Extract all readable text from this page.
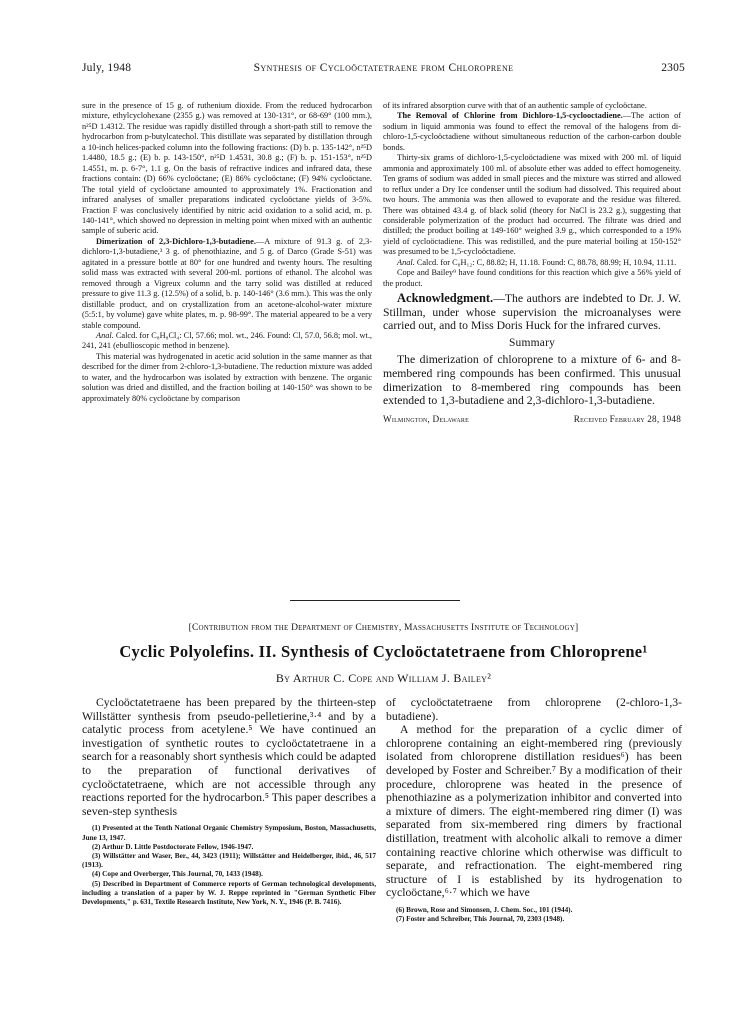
July, 1948	Synthesis of Cycloöctatetraene from Chloroprene	2305

sure in the presence of 15 g. of ruthenium dioxide. From the reduced hydrocarbon mixture, ethylcyclohexane (2355 g.) was removed at 130-131°, or 68-69° (100 mm.), n²⁵D 1.4312. The residue was rapidly distilled through a short-path still to remove the hydrocarbon from p-butylcatechol. This distillate was separated by distillation through a 10-inch helices-packed column into the following fractions: (D) b. p. 135-142°, n²⁵D 1.4480, 18.5 g.; (E) b. p. 143-150°, n²⁵D 1.4531, 30.8 g.; (F) b. p. 151-153°, n²⁵D 1.4551, m. p. 6-7°, 1.1 g. On the basis of refractive indices and infrared data, these fractions contain: (D) 66% cycloöctane; (E) 86% cycloöctane; (F) 94% cycloöctane. The total yield of cycloöctane amounted to approximately 1%. Fractionation and infrared analyses of smaller preparations indicated cycloöctane yields of 3-5%. Fraction F was conclusively identified by nitric acid oxidation to a solid acid, m. p. 140-141°, which showed no depression in melting point when mixed with an authentic sample of suberic acid.

Dimerization of 2,3-Dichloro-1,3-butadiene.—A mixture of 91.3 g. of 2,3-dichloro-1,3-butadiene,³ 3 g. of phenothiazine, and 5 g. of Darco (Grade S-51) was agitated in a pressure bottle at 80° for one hundred and twenty hours. The resulting solid mass was extracted with several 200-ml. portions of ethanol. The alcohol was removed through a Vigreux column and the tarry solid was distilled at reduced pressure to give 11.3 g. (12.5%) of a solid, b. p. 140-146° (3.6 mm.). This was the only distillable product, and on crystallization from an acetone-alcohol-water mixture (5:5:1, by volume) gave white plates, m. p. 98-99°. The material appeared to be a very stable compound.

Anal. Calcd. for C₈H₈Cl₄: Cl, 57.66; mol. wt., 246. Found: Cl, 57.0, 56.8; mol. wt., 241, 241 (ebullioscopic method in benzene).

This material was hydrogenated in acetic acid solution in the same manner as that described for the dimer from 2-chloro-1,3-butadiene. The reduction mixture was added to water, and the hydrocarbon was isolated by extraction with benzene. The organic solution was dried and distilled, and the fraction boiling at 140-150° was shown to be approximately 80% cycloöctane by comparison

of its infrared absorption curve with that of an authentic sample of cycloöctane.

The Removal of Chlorine from Dichloro-1,5-cyclooctadiene.—The action of sodium in liquid ammonia was found to effect the removal of the halogens from di-chloro-1,5-cycloöctadiene without simultaneous reduction of the carbon-carbon double bonds.

Thirty-six grams of dichloro-1,5-cycloöctadiene was mixed with 200 ml. of liquid ammonia and approximately 100 ml. of absolute ether was added to effect homogeneity. Ten grams of sodium was added in small pieces and the mixture was stirred and allowed to reflux under a Dry Ice condenser until the sodium had dissolved. This required about two hours. The ammonia was then allowed to evaporate and the residue was filtered. There was obtained 43.4 g. of black solid (theory for NaCl is 23.2 g.), suggesting that considerable polymerization of the product had occurred. The filtrate was dried and distilled; the product boiling at 149-160° weighed 3.9 g., which corresponded to a 19% yield of cycloöctadiene. This was redistilled, and the pure material boiling at 150-152° was presumed to be 1,5-cycloöctadiene.

Anal. Calcd. for C₈H₁₂: C, 88.82; H, 11.18. Found: C, 88.78, 88.99; H, 10.94, 11.11.

Cope and Bailey⁹ have found conditions for this reaction which give a 56% yield of the product.

Acknowledgment.—The authors are indebted to Dr. J. W. Stillman, under whose supervision the microanalyses were carried out, and to Miss Doris Huck for the infrared curves.

Summary

The dimerization of chloroprene to a mixture of 6- and 8-membered ring compounds has been confirmed. This unusual dimerization to 8-membered ring compounds has been extended to 1,3-butadiene and 2,3-dichloro-1,3-butadiene.

Wilmington, Delaware	Received February 28, 1948
[Contribution from the Department of Chemistry, Massachusetts Institute of Technology]
Cyclic Polyolefins. II. Synthesis of Cycloöctatetraene from Chloroprene¹
By Arthur C. Cope and William J. Bailey²

Cycloöctatetraene has been prepared by the thirteen-step Willstätter synthesis from pseudo-pelletierine,³·⁴ and by a catalytic process from acetylene.⁵ We have continued an investigation of synthetic routes to cycloöctatetraene in a search for a reasonably short synthesis which could be adapted to the preparation of functional derivatives of cycloöctatetraene, which are not accessible through any reactions reported for the hydrocarbon.⁵ This paper describes a seven-step synthesis

(1) Presented at the Tenth National Organic Chemistry Symposium, Boston, Massachusetts, June 13, 1947.

(2) Arthur D. Little Postdoctorate Fellow, 1946-1947.

(3) Willstätter and Waser, Ber., 44, 3423 (1911); Willstätter and Heidelberger, ibid., 46, 517 (1913).

(4) Cope and Overberger, This Journal, 70, 1433 (1948).

(5) Described in Department of Commerce reports of German technological developments, including a translation of a paper by W. J. Reppe reprinted in "German Synthetic Fiber Developments," p. 631, Textile Research Institute, New York, N. Y., 1946 (P. B. 7416).

of cycloöctatetraene from chloroprene (2-chloro-1,3-butadiene).

A method for the preparation of a cyclic dimer of chloroprene containing an eight-membered ring (previously isolated from chloroprene distillation residues⁶) has been developed by Foster and Schreiber.⁷ By a modification of their procedure, chloroprene was heated in the presence of phenothiazine as a polymerization inhibitor and converted into a mixture of dimers. The eight-membered ring dimer (I) was separated from six-membered ring dimers by fractional distillation, treatment with alcoholic alkali to remove a dimer containing reactive chlorine which otherwise was difficult to separate, and refractionation. The eight-membered ring structure of I is established by its hydrogenation to cycloöctane,⁶·⁷ which we have

(6) Brown, Rose and Simonsen, J. Chem. Soc., 101 (1944).

(7) Foster and Schreiber, This Journal, 70, 2303 (1948).
